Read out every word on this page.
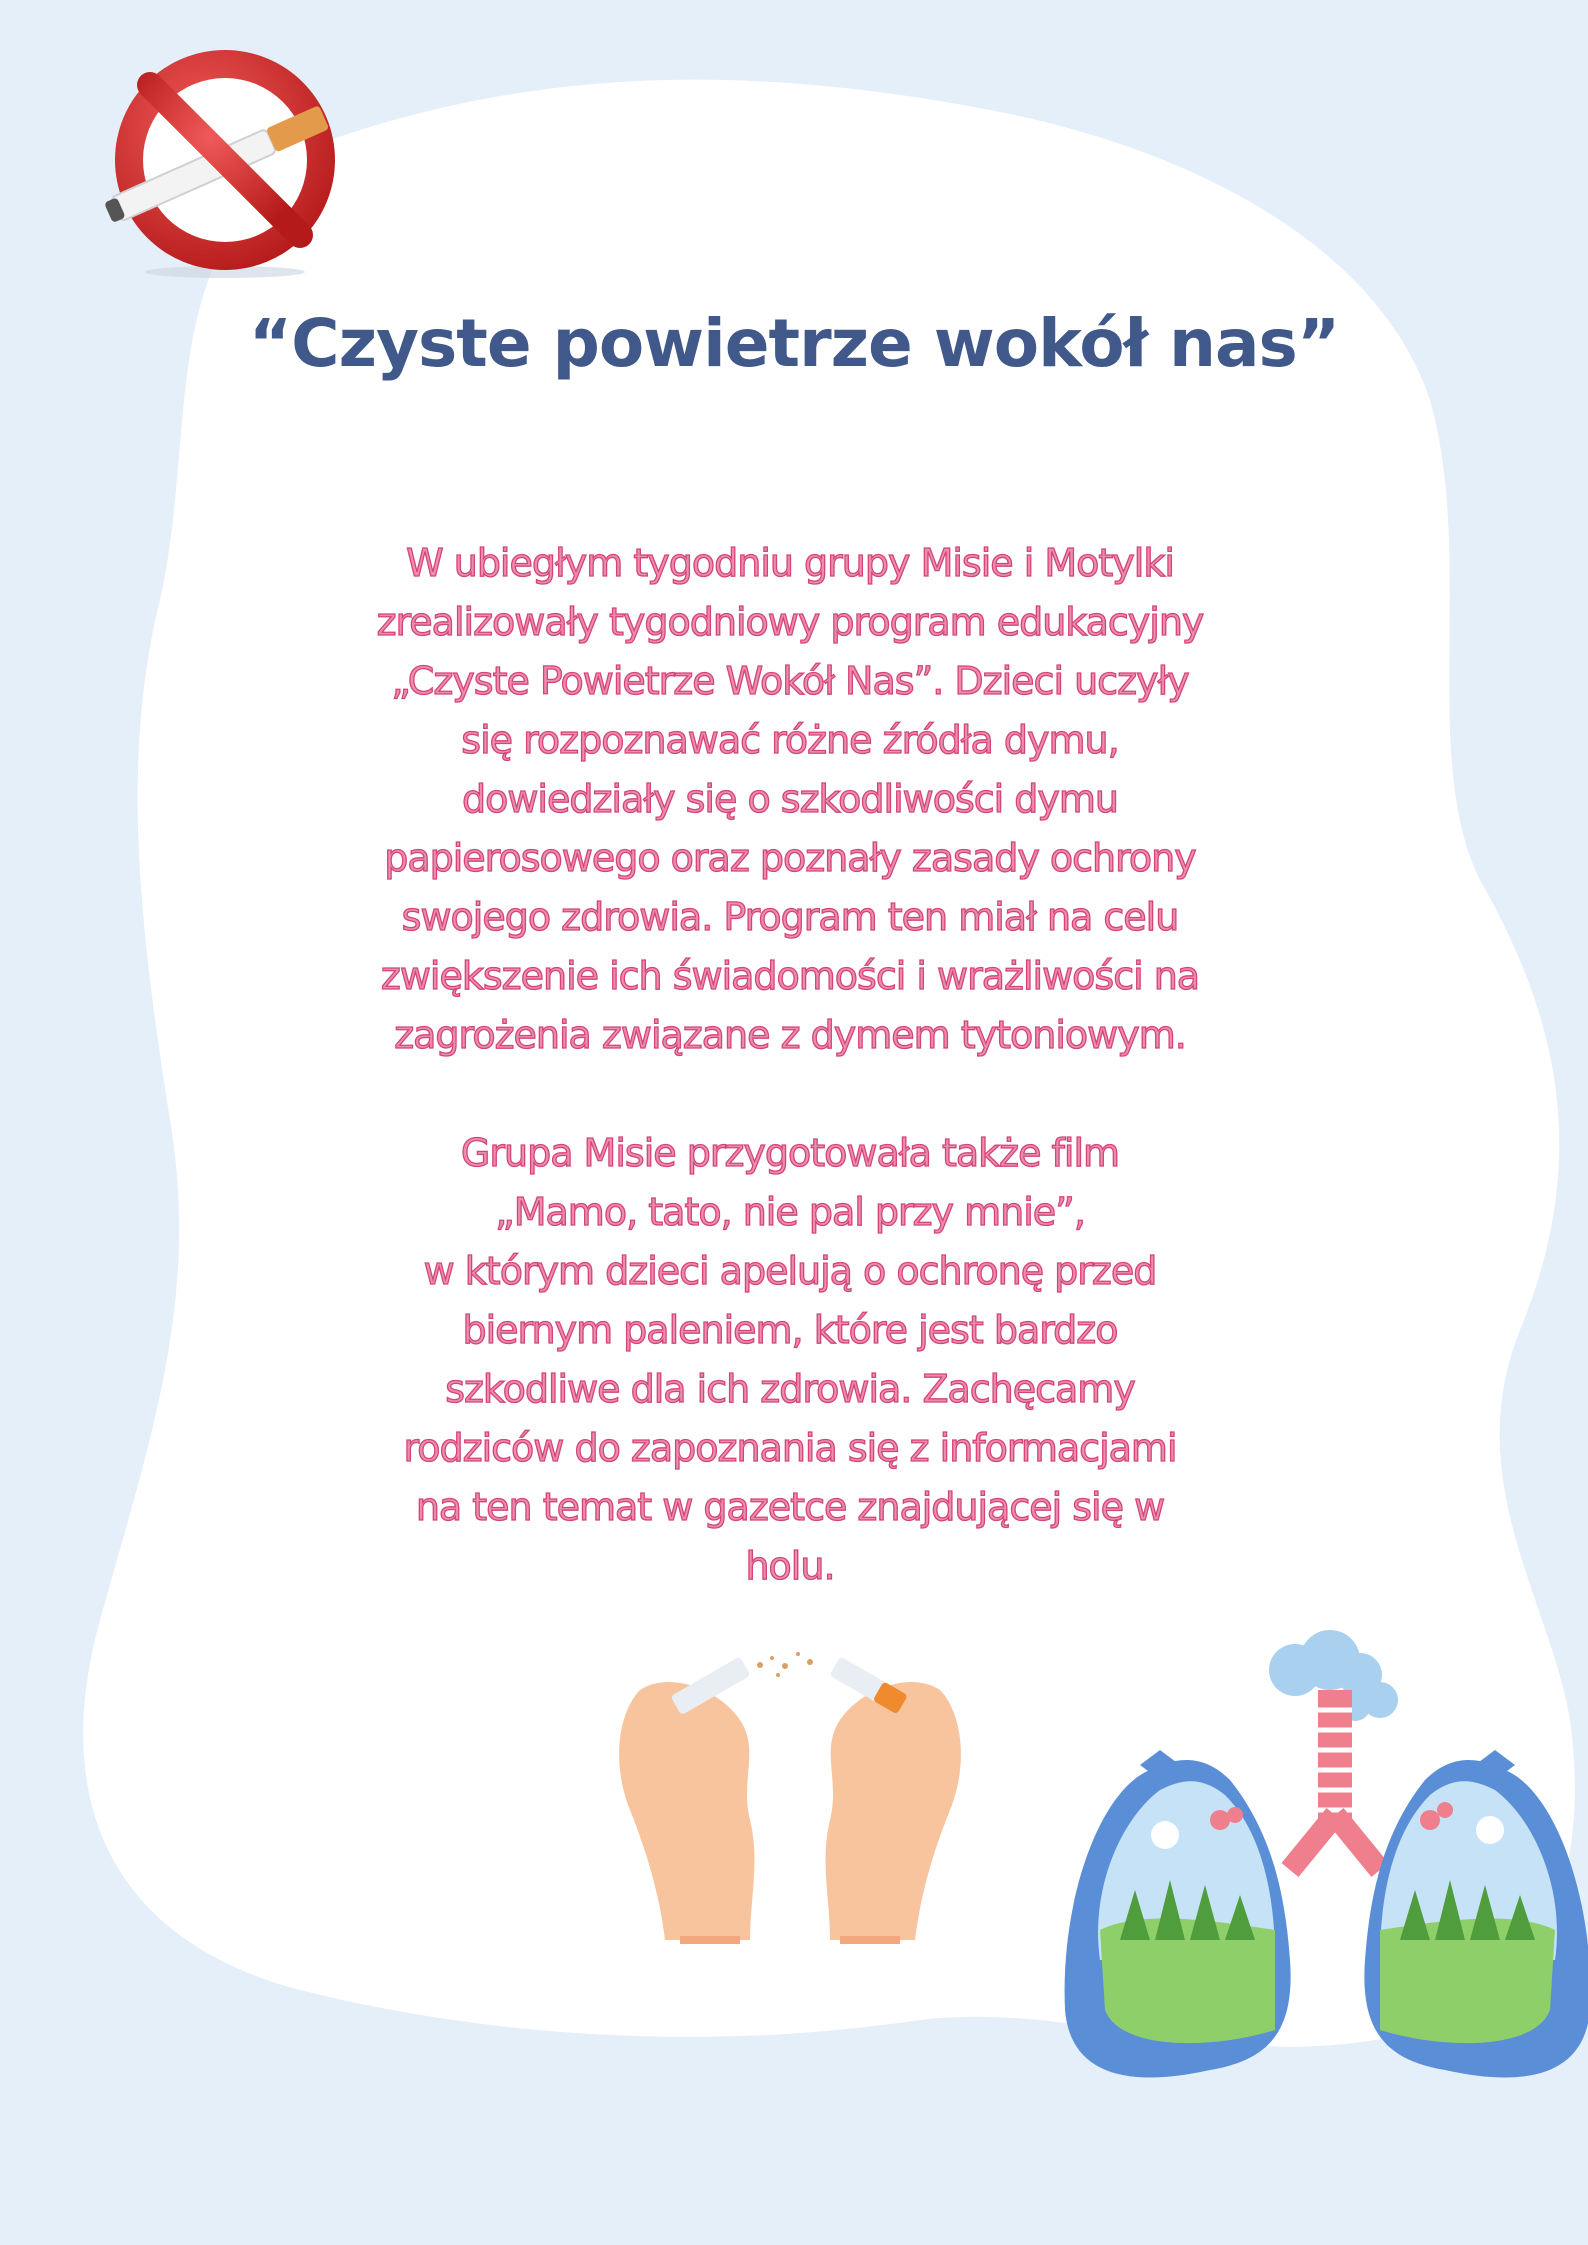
“Czyste powietrze wokół nas”
W ubiegłym tygodniu grupy Misie i Motylki
zrealizowały tygodniowy program edukacyjny
„Czyste Powietrze Wokół Nas”. Dzieci uczyły
się rozpoznawać różne źródła dymu,
dowiedziały się o szkodliwości dymu
papierosowego oraz poznały zasady ochrony
swojego zdrowia. Program ten miał na celu
zwiększenie ich świadomości i wrażliwości na
zagrożenia związane z dymem tytoniowym.
Grupa Misie przygotowała także film
„Mamo, tato, nie pal przy mnie”,
w którym dzieci apelują o ochronę przed
biernym paleniem, które jest bardzo
szkodliwe dla ich zdrowia. Zachęcamy
rodziców do zapoznania się z informacjami
na ten temat w gazetce znajdującej się w
holu.
